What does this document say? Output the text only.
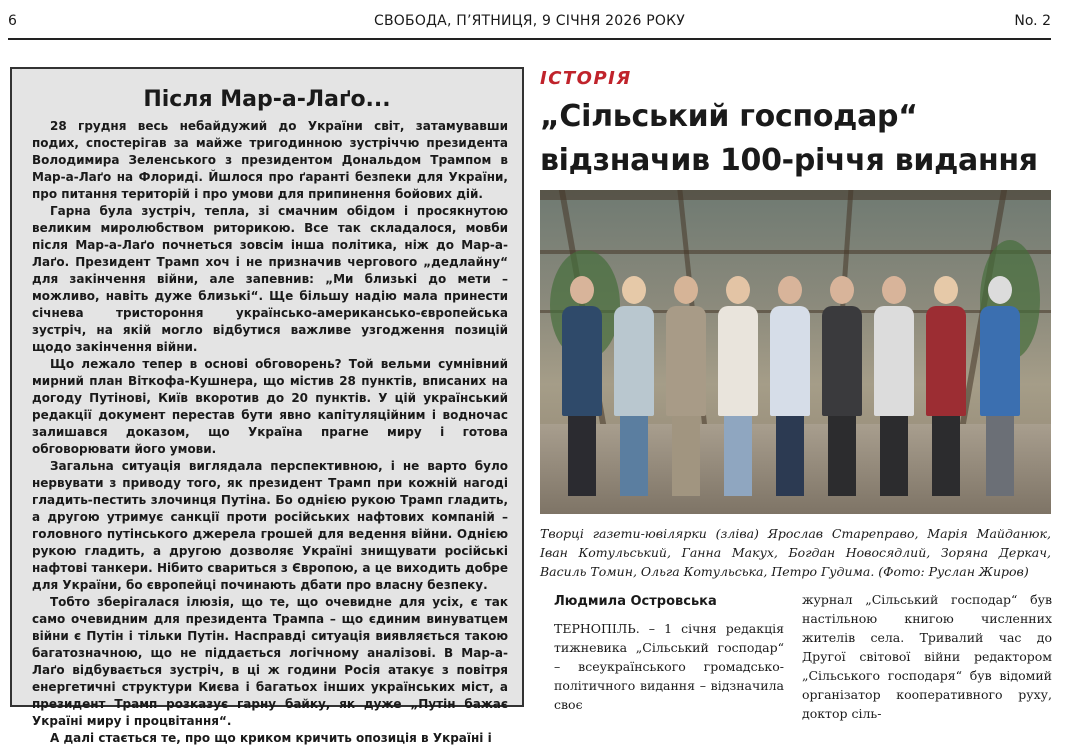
6	СВОБОДА, П’ЯТНИЦЯ, 9 СІЧНЯ 2026 РОКУ	No. 2
Після Мар-а-Лаґо...

28 грудня весь небайдужий до України світ, затамувавши подих, спостерігав за майже тригодинною зустріччю президента Володимира Зеленського з президентом Дональдом Трампом в Мар-а-Лаґо на Флориді. Йшлося про ґаранті безпеки для України, про питання територій і про умови для припинення бойових дій.

Гарна була зустріч, тепла, зі смачним обідом і просякнутою великим миролюбством риторикою. Все так складалося, мовби після Мар-а-Лаґо почнеться зовсім інша політика, ніж до Мар-а-Лаґо. Президент Трамп хоч і не призначив чергового „дедлайну“ для закінчення війни, але запевнив: „Ми близькі до мети – можливо, навіть дуже близькі“. Ще більшу надію мала принести січнева тристороння українсько-американсько-європейська зустріч, на якій могло відбутися важливе узгодження позицій щодо закінчення війни.

Що лежало тепер в основі обговорень? Той вельми сумнівний мирний план Віткофа-Кушнера, що містив 28 пунктів, вписаних на догоду Путінові, Київ вкоротив до 20 пунктів. У цій український редакції документ перестав бути явно капітуляційним і водночас залишався доказом, що Україна прагне миру і готова обговорювати його умови.

Загальна ситуація виглядала перспективною, і не варто було нервувати з приводу того, як президент Трамп при кожній нагоді гладить-пестить злочинця Путіна. Бо однією рукою Трамп гладить, а другою утримує санкції проти російських нафтових компаній – головного путінського джерела грошей для ведення війни. Однією рукою гладить, а другою дозволяє Україні знищувати російські нафтові танкери. Нібито свариться з Європою, а це виходить добре для України, бо європейці починають дбати про власну безпеку.

Тобто зберігалася ілюзія, що те, що очевидне для усіх, є так само очевидним для президента Трампа – що єдиним винуватцем війни є Путін і тільки Путін. Насправді ситуація виявляється такою багатозначною, що не піддається логічному аналізові. В Мар-а-Лаґо відбувається зустріч, в ці ж години Росія атакує з повітря енергетичні структури Києва і багатьох інших українських міст, а президент Трамп розказує гарну байку, як дуже „Путін бажає Україні миру і процвітання“.

А далі стається те, про що криком кричить опозиція в Україні і

ІСТОРІЯ
„Сільський господар“ відзначив 100-річчя видання
Творці газети-ювілярки (зліва) Ярослав Стареправо, Марія Майданюк, Іван Котульський, Ганна Макух, Богдан Новосядлий, Зоряна Деркач, Василь Томин, Ольга Котульська, Петро Гудима. (Фото: Руслан Жиров)
Людмила Островська

ТЕРНОПІЛЬ. – 1 січня редакція тижневика „Сільський господар“ – всеукраїнського громадсько-політичного видання – відзначила своє

журнал „Сільський господар“ був настільною книгою численних жителів села. Тривалий час до Другої світової війни редактором „Сільського господаря“ був відомий організатор кооперативного руху, доктор сіль-
